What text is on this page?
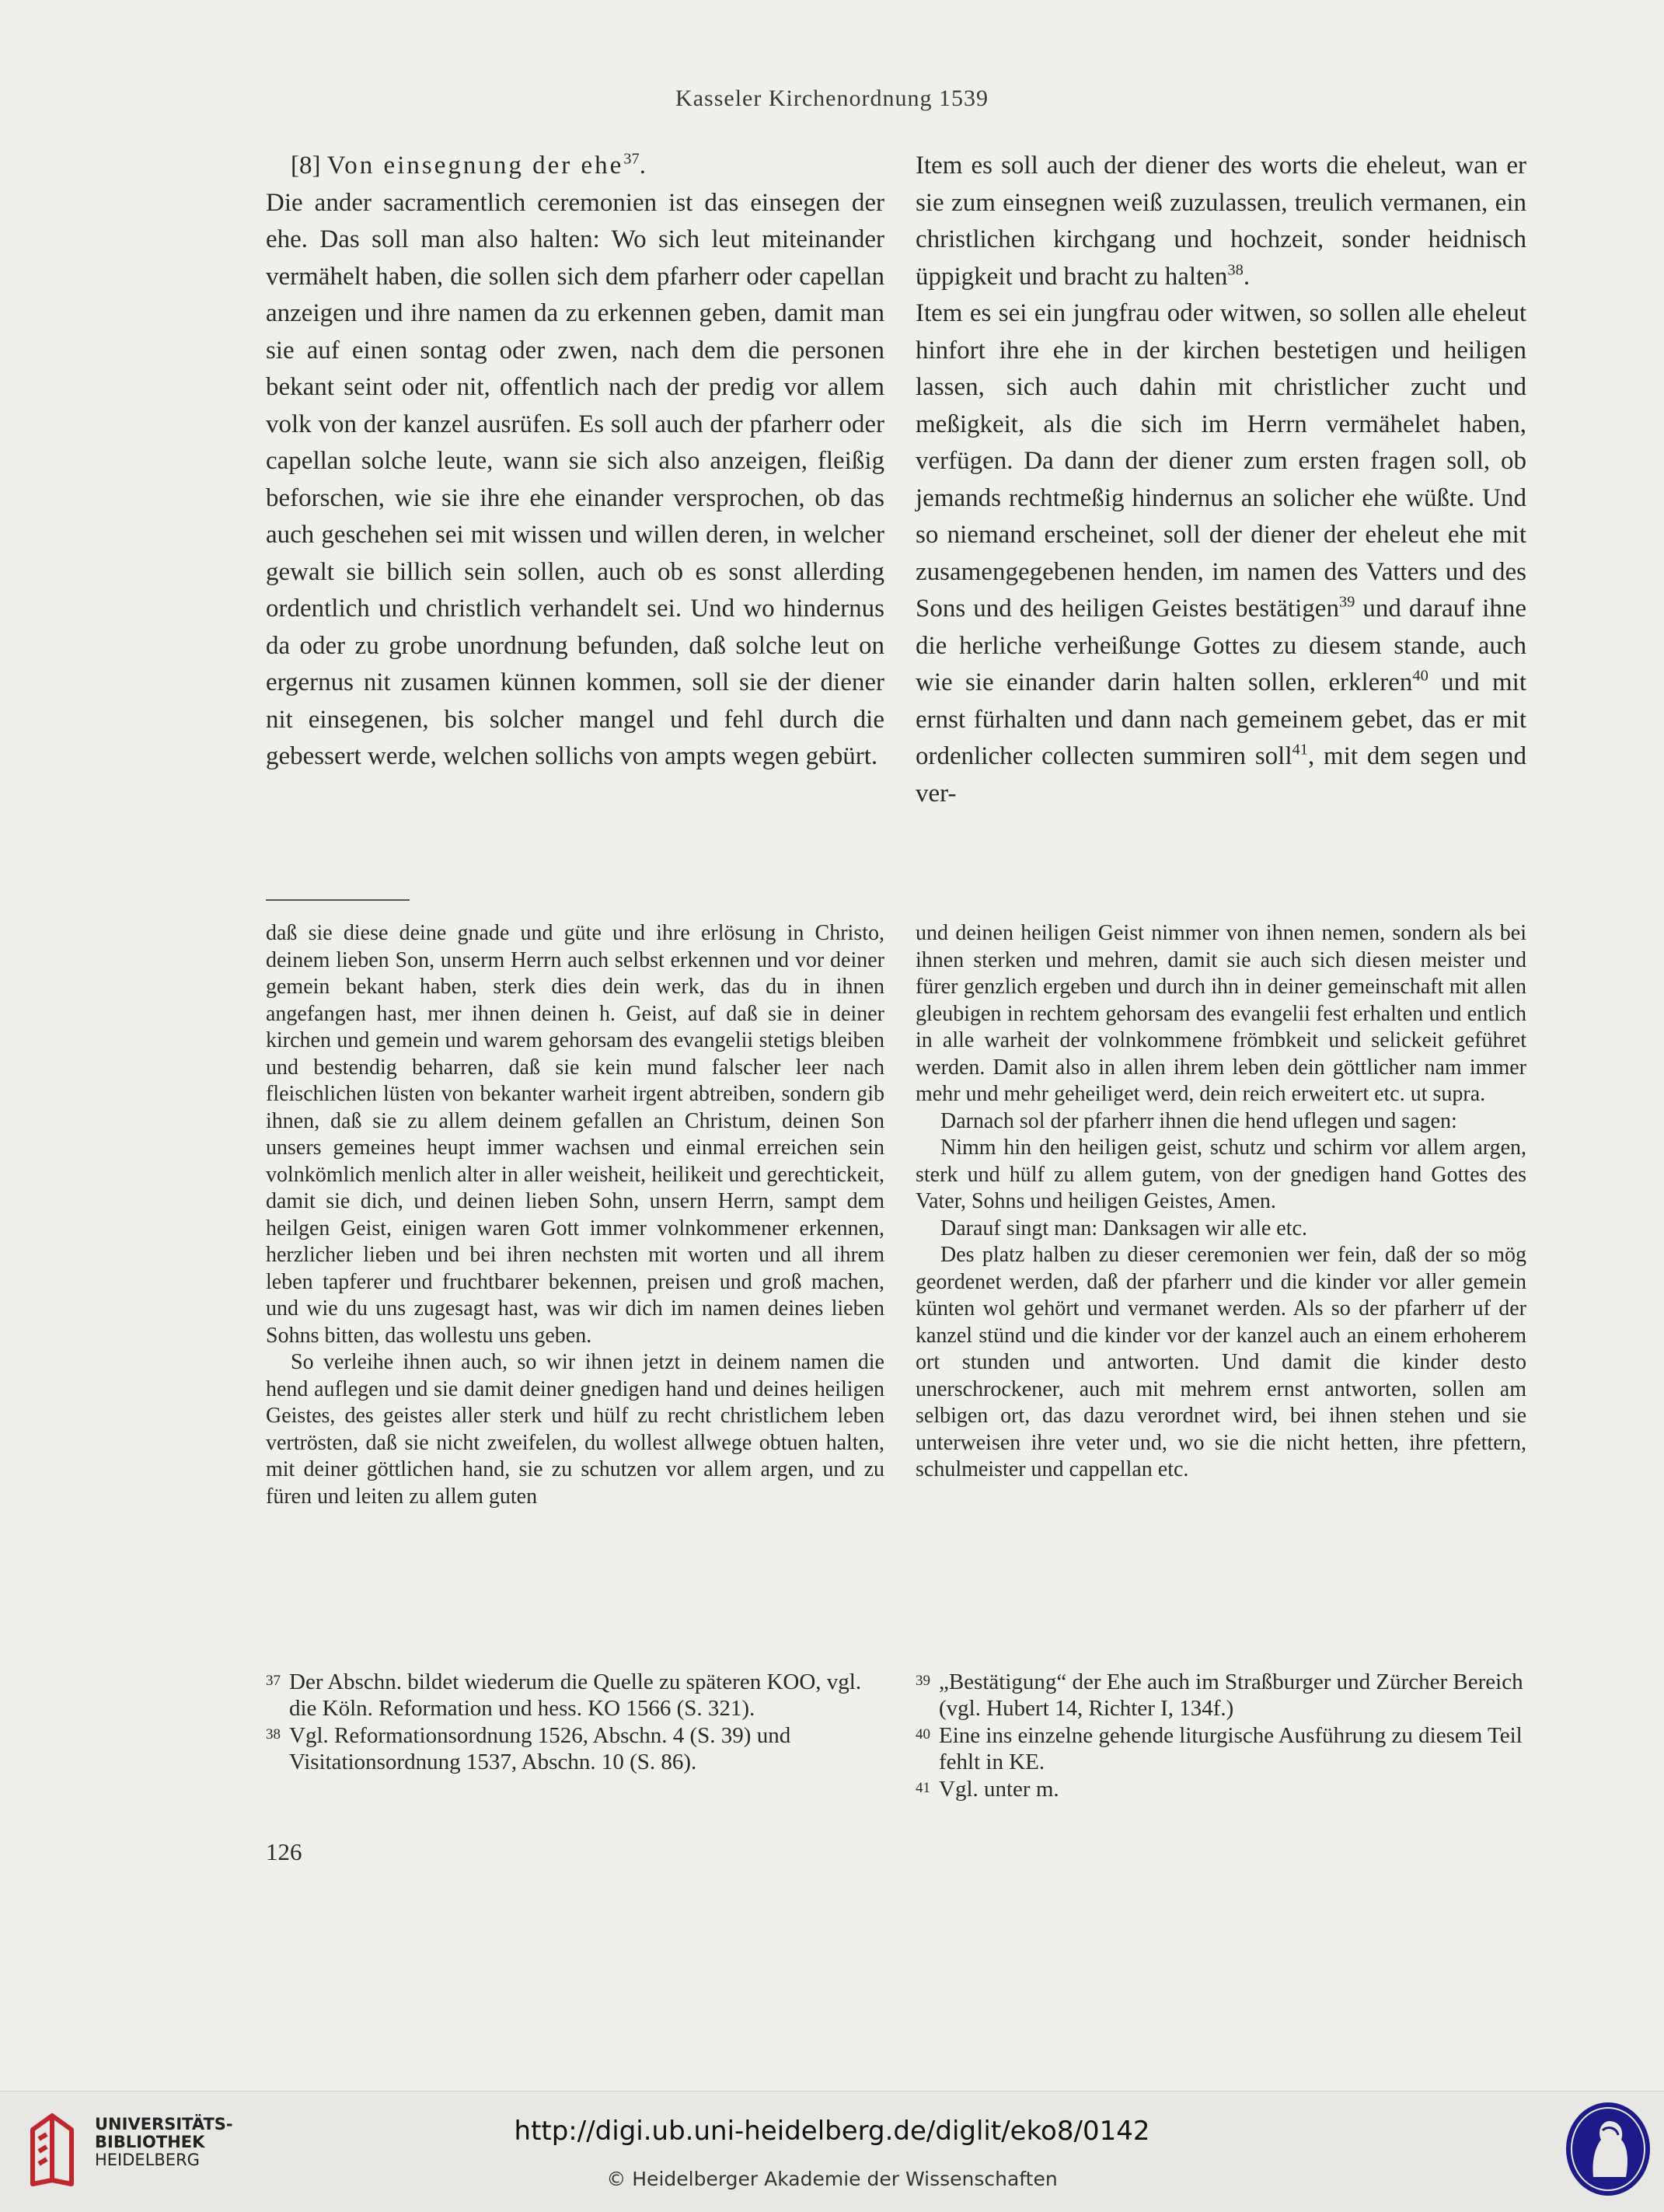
Kasseler Kirchenordnung 1539

[8] Von einsegnung der ehe$^{37}$.

Die ander sacramentlich ceremonien ist das einsegen der ehe. Das soll man also halten: Wo sich leut miteinander vermähelt haben, die sollen sich dem pfarherr oder capellan anzeigen und ihre namen da zu erkennen geben, damit man sie auf einen sontag oder zwen, nach dem die personen bekant seint oder nit, offentlich nach der predig vor allem volk von der kanzel ausrüfen. Es soll auch der pfarherr oder capellan solche leute, wann sie sich also anzeigen, fleißig beforschen, wie sie ihre ehe einander versprochen, ob das auch geschehen sei mit wissen und willen deren, in welcher gewalt sie billich sein sollen, auch ob es sonst allerding ordentlich und christlich verhandelt sei. Und wo hindernus da oder zu grobe unordnung befunden, daß solche leut on ergernus nit zusamen künnen kommen, soll sie der diener nit einsegenen, bis solcher mangel und fehl durch die gebessert werde, welchen sollichs von ampts wegen gebürt.

Item es soll auch der diener des worts die eheleut, wan er sie zum einsegnen weiß zuzulassen, treulich vermanen, ein christlichen kirchgang und hochzeit, sonder heidnisch üppigkeit und bracht zu halten$^{38}$.

Item es sei ein jungfrau oder witwen, so sollen alle eheleut hinfort ihre ehe in der kirchen bestetigen und heiligen lassen, sich auch dahin mit christlicher zucht und meßigkeit, als die sich im Herrn vermähelet haben, verfügen. Da dann der diener zum ersten fragen soll, ob jemands rechtmeßig hindernus an solicher ehe wüßte. Und so niemand erscheinet, soll der diener der eheleut ehe mit zusamengegebenen henden, im namen des Vatters und des Sons und des heiligen Geistes bestätigen$^{39}$ und darauf ihne die herliche verheißunge Gottes zu diesem stande, auch wie sie einander darin halten sollen, erkleren$^{40}$ und mit ernst fürhalten und dann nach gemeinem gebet, das er mit ordenlicher collecten summiren soll$^{41}$, mit dem segen und ver-

daß sie diese deine gnade und güte und ihre erlösung in Christo, deinem lieben Son, unserm Herrn auch selbst erkennen und vor deiner gemein bekant haben, sterk dies dein werk, das du in ihnen angefangen hast, mer ihnen deinen h. Geist, auf daß sie in deiner kirchen und gemein und warem gehorsam des evangelii stetigs bleiben und bestendig beharren, daß sie kein mund falscher leer nach fleischlichen lüsten von bekanter warheit irgent abtreiben, sondern gib ihnen, daß sie zu allem deinem gefallen an Christum, deinen Son unsers gemeines heupt immer wachsen und einmal erreichen sein volnkömlich menlich alter in aller weisheit, heilikeit und gerechtickeit, damit sie dich, und deinen lieben Sohn, unsern Herrn, sampt dem heilgen Geist, einigen waren Gott immer volnkommener erkennen, herzlicher lieben und bei ihren nechsten mit worten und all ihrem leben tapferer und fruchtbarer bekennen, preisen und groß machen, und wie du uns zugesagt hast, was wir dich im namen deines lieben Sohns bitten, das wollestu uns geben.

So verleihe ihnen auch, so wir ihnen jetzt in deinem namen die hend auflegen und sie damit deiner gnedigen hand und deines heiligen Geistes, des geistes aller sterk und hülf zu recht christlichem leben vertrösten, daß sie nicht zweifelen, du wollest allwege obtuen halten, mit deiner göttlichen hand, sie zu schutzen vor allem argen, und zu füren und leiten zu allem guten

und deinen heiligen Geist nimmer von ihnen nemen, sondern als bei ihnen sterken und mehren, damit sie auch sich diesen meister und fürer genzlich ergeben und durch ihn in deiner gemeinschaft mit allen gleubigen in rechtem gehorsam des evangelii fest erhalten und entlich in alle warheit der volnkommene frömbkeit und selickeit geführet werden. Damit also in allen ihrem leben dein göttlicher nam immer mehr und mehr geheiliget werd, dein reich erweitert etc. ut supra.

Darnach sol der pfarherr ihnen die hend uflegen und sagen:

Nimm hin den heiligen geist, schutz und schirm vor allem argen, sterk und hülf zu allem gutem, von der gnedigen hand Gottes des Vater, Sohns und heiligen Geistes, Amen.

Darauf singt man: Danksagen wir alle etc.

Des platz halben zu dieser ceremonien wer fein, daß der so mög geordenet werden, daß der pfarherr und die kinder vor aller gemein künten wol gehört und vermanet werden. Als so der pfarherr uf der kanzel stünd und die kinder vor der kanzel auch an einem erhoherem ort stunden und antworten. Und damit die kinder desto unerschrockener, auch mit mehrem ernst antworten, sollen am selbigen ort, das dazu verordnet wird, bei ihnen stehen und sie unterweisen ihre veter und, wo sie die nicht hetten, ihre pfettern, schulmeister und cappellan etc.

37 Der Abschn. bildet wiederum die Quelle zu späteren KOO, vgl. die Köln. Reformation und hess. KO 1566 (S. 321).
38 Vgl. Reformationsordnung 1526, Abschn. 4 (S. 39) und Visitationsordnung 1537, Abschn. 10 (S. 86).
39 „Bestätigung“ der Ehe auch im Straßburger und Zürcher Bereich (vgl. Hubert 14, Richter I, 134f.)
40 Eine ins einzelne gehende liturgische Ausführung zu diesem Teil fehlt in KE.
41 Vgl. unter m.
126
UNIVERSITÄTS-
BIBLIOTHEK
HEIDELBERG
http://digi.ub.uni-heidelberg.de/diglit/eko8/0142
© Heidelberger Akademie der Wissenschaften
